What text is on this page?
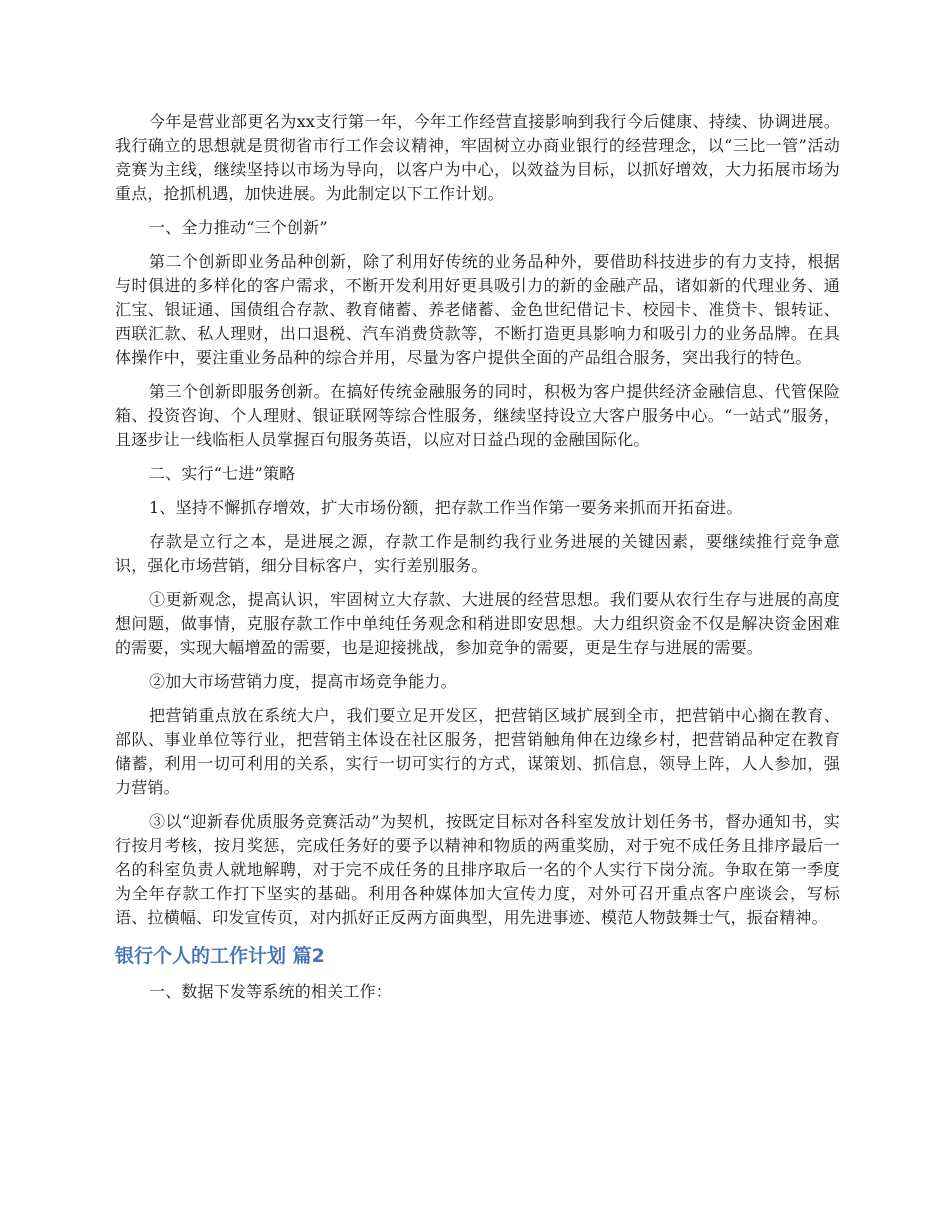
今年是营业部更名为xx支行第一年，今年工作经营直接影响到我行今后健康、持续、协调进展。我行确立的思想就是贯彻省市行工作会议精神，牢固树立办商业银行的经营理念，以“三比一管”活动竞赛为主线，继续坚持以市场为导向，以客户为中心，以效益为目标，以抓好增效，大力拓展市场为重点，抢抓机遇，加快进展。为此制定以下工作计划。

一、全力推动“三个创新”

第二个创新即业务品种创新，除了利用好传统的业务品种外，要借助科技进步的有力支持，根据与时俱进的多样化的客户需求，不断开发利用好更具吸引力的新的金融产品，诸如新的代理业务、通汇宝、银证通、国债组合存款、教育储蓄、养老储蓄、金色世纪借记卡、校园卡、准贷卡、银转证、西联汇款、私人理财，出口退税、汽车消费贷款等，不断打造更具影响力和吸引力的业务品牌。在具体操作中，要注重业务品种的综合并用，尽量为客户提供全面的产品组合服务，突出我行的特色。

第三个创新即服务创新。在搞好传统金融服务的同时，积极为客户提供经济金融信息、代管保险箱、投资咨询、个人理财、银证联网等综合性服务，继续坚持设立大客户服务中心。“一站式”服务，且逐步让一线临柜人员掌握百句服务英语，以应对日益凸现的金融国际化。

二、实行“七进”策略

1、坚持不懈抓存增效，扩大市场份额，把存款工作当作第一要务来抓而开拓奋进。

存款是立行之本，是进展之源，存款工作是制约我行业务进展的关键因素，要继续推行竞争意识，强化市场营销，细分目标客户，实行差别服务。

①更新观念，提高认识，牢固树立大存款、大进展的经营思想。我们要从农行生存与进展的高度想问题，做事情，克服存款工作中单纯任务观念和稍进即安思想。大力组织资金不仅是解决资金困难的需要，实现大幅增盈的需要，也是迎接挑战，参加竞争的需要，更是生存与进展的需要。

②加大市场营销力度，提高市场竞争能力。

把营销重点放在系统大户，我们要立足开发区，把营销区域扩展到全市，把营销中心搁在教育、部队、事业单位等行业，把营销主体设在社区服务，把营销触角伸在边缘乡村，把营销品种定在教育储蓄，利用一切可利用的关系，实行一切可实行的方式，谋策划、抓信息，领导上阵，人人参加，强力营销。

③以“迎新春优质服务竞赛活动”为契机，按既定目标对各科室发放计划任务书，督办通知书，实行按月考核，按月奖惩，完成任务好的要予以精神和物质的两重奖励，对于宛不成任务且排序最后一名的科室负责人就地解聘，对于完不成任务的且排序取后一名的个人实行下岗分流。争取在第一季度为全年存款工作打下坚实的基础。利用各种媒体加大宣传力度，对外可召开重点客户座谈会，写标语、拉横幅、印发宣传页，对内抓好正反两方面典型，用先进事迹、模范人物鼓舞士气，振奋精神。

银行个人的工作计划 篇2

一、数据下发等系统的相关工作：
